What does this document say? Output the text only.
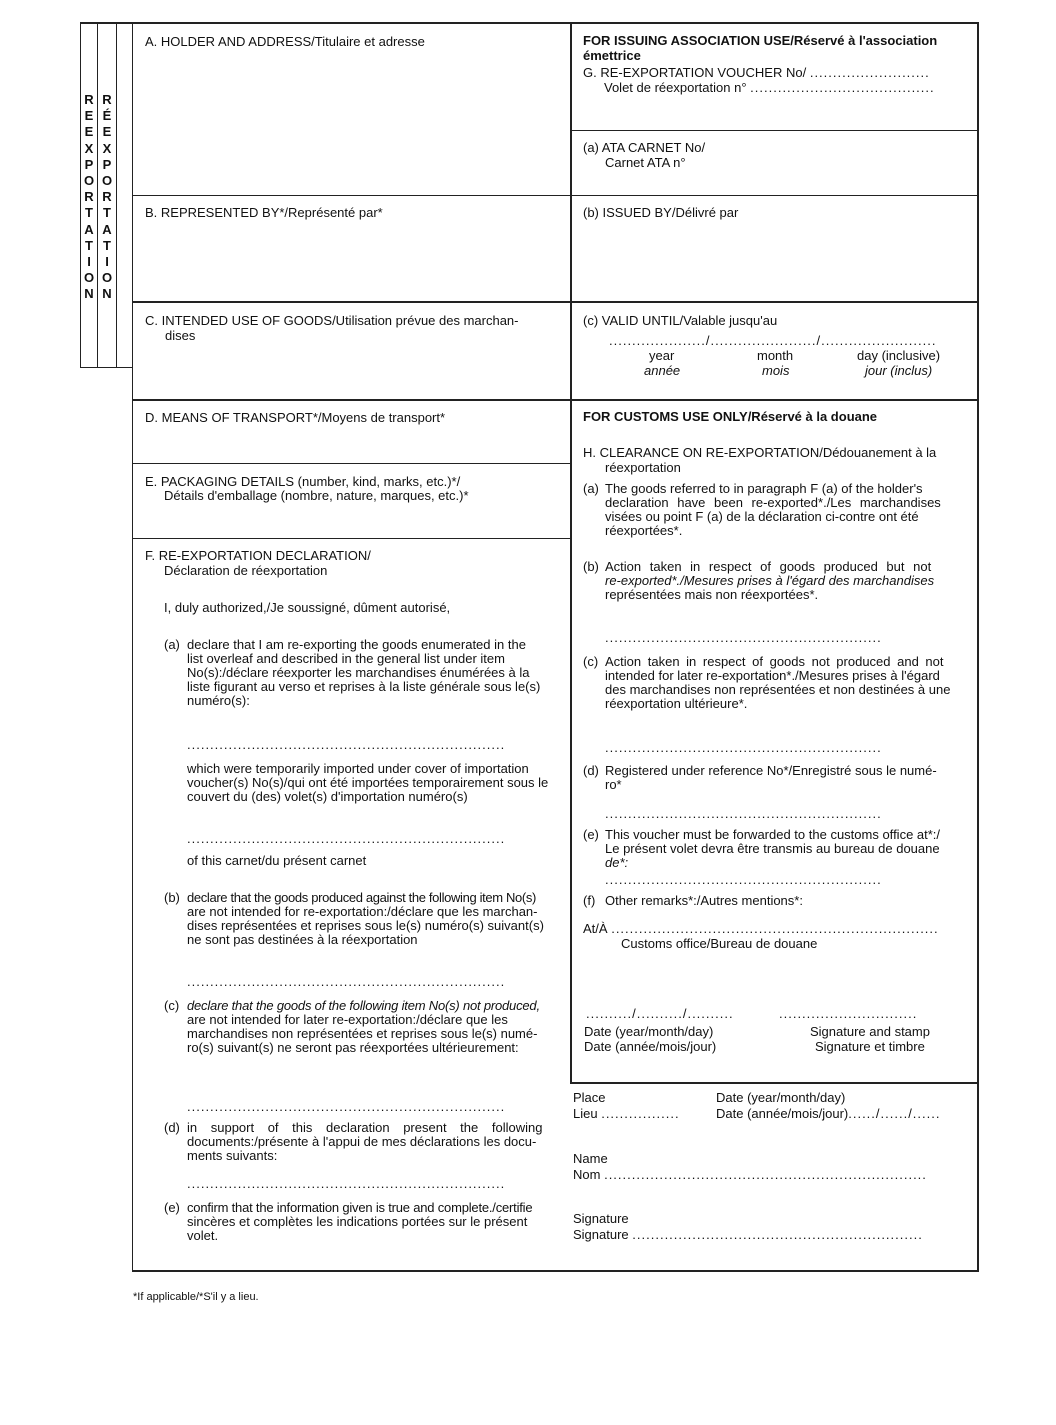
R
E
E
X
P
O
R
T
A
T
I
O
N
R
É
E
X
P
O
R
T
A
T
I
O
N
A. HOLDER AND ADDRESS/Titulaire et adresse
B. REPRESENTED BY*/Représenté par*
C. INTENDED USE OF GOODS/Utilisation prévue des marchan-
dises
D. MEANS OF TRANSPORT*/Moyens de transport*
E. PACKAGING DETAILS (number, kind, marks, etc.)*/
Détails d'emballage (nombre, nature, marques, etc.)*
F. RE-EXPORTATION DECLARATION/
Déclaration de réexportation
I, duly authorized,/Je soussigné, dûment autorisé,
(a) declare that I am re-exporting the goods enumerated in the
list overleaf and described in the general list under item
No(s):/déclare réexporter les marchandises énumérées à la
liste figurant au verso et reprises à la liste générale sous le(s)
numéro(s):
.....................................................................
which were temporarily imported under cover of importation
voucher(s) No(s)/qui ont été importées temporairement sous le
couvert du (des) volet(s) d'importation numéro(s)
.....................................................................
of this carnet/du présent carnet
(b) declare that the goods produced against the following item No(s)
are not intended for re-exportation:/déclare que les marchan-
dises représentées et reprises sous le(s) numéro(s) suivant(s)
ne sont pas destinées à la réexportation
.....................................................................
(c) declare that the goods of the following item No(s) not produced,
are not intended for later re-exportation:/déclare que les
marchandises non représentées et reprises sous le(s) numé-
ro(s) suivant(s) ne seront pas réexportées ultérieurement:
.....................................................................
(d) in support of this declaration present the following
documents:/présente à l'appui de mes déclarations les docu-
ments suivants:
.....................................................................
(e) confirm that the information given is true and complete./certifie
sincères et complètes les indications portées sur le présent
volet.
FOR ISSUING ASSOCIATION USE/Réservé à l'association
émettrice
G. RE-EXPORTATION VOUCHER No/ ..........................
Volet de réexportation n° ........................................
(a) ATA CARNET No/
Carnet ATA n°
(b) ISSUED BY/Délivré par
(c) VALID UNTIL/Valable jusqu'au
...................../......................./.........................
year	month	day (inclusive)
année	mois	jour (inclus)
FOR CUSTOMS USE ONLY/Réservé à la douane
H. CLEARANCE ON RE-EXPORTATION/Dédouanement à la
réexportation
(a) The goods referred to in paragraph F (a) of the holder's
declaration have been re-exported*./Les marchandises
visées ou point F (a) de la déclaration ci-contre ont été
réexportées*.
(b) Action taken in respect of goods produced but not
re-exported*./Mesures prises à l'égard des marchandises
représentées mais non réexportées*.
............................................................
(c) Action taken in respect of goods not produced and not
intended for later re-exportation*./Mesures prises à l'égard
des marchandises non représentées et non destinées à une
réexportation ultérieure*.
............................................................
(d) Registered under reference No*/Enregistré sous le numé-
ro*
............................................................
(e) This voucher must be forwarded to the customs office at*:/
Le présent volet devra être transmis au bureau de douane
de*:
............................................................
(f) Other remarks*:/Autres mentions*:
At/À .......................................................................
Customs office/Bureau de douane
........../........../..........	..............................
Date (year/month/day)
Date (année/mois/jour)
Signature and stamp
Signature et timbre
Place
Lieu .................
Date (year/month/day)
Date (année/mois/jour)....../....../......
Name
Nom ......................................................................
Signature
Signature ...............................................................
*If applicable/*S'il y a lieu.
